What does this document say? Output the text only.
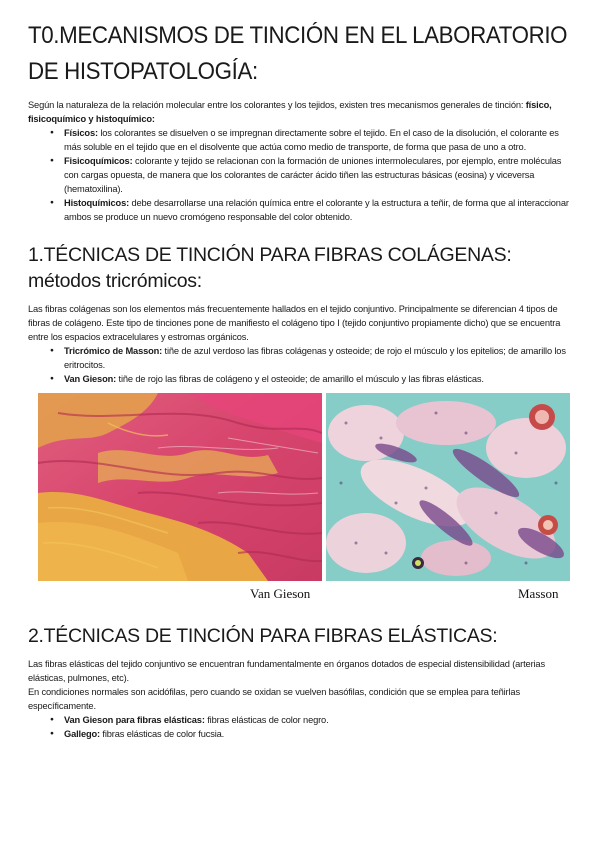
T0.MECANISMOS DE TINCIÓN EN EL LABORATORIO DE HISTOPATOLOGÍA:

Según la naturaleza de la relación molecular entre los colorantes y los tejidos, existen tres mecanismos generales de tinción: físico, fisicoquímico y histoquímico:

● Físicos: los colorantes se disuelven o se impregnan directamente sobre el tejido. En el caso de la disolución, el colorante es más soluble en el tejido que en el disolvente que actúa como medio de transporte, de forma que pasa de uno a otro.
● Fisicoquímicos: colorante y tejido se relacionan con la formación de uniones intermoleculares, por ejemplo, entre moléculas con cargas opuesta, de manera que los colorantes de carácter ácido tiñen las estructuras básicas (eosina) y viceversa (hematoxilina).
● Histoquímicos: debe desarrollarse una relación química entre el colorante y la estructura a teñir, de forma que al interaccionar ambos se produce un nuevo cromógeno responsable del color obtenido.
1.TÉCNICAS DE TINCIÓN PARA FIBRAS COLÁGENAS: métodos tricrómicos:

Las fibras colágenas son los elementos más frecuentemente hallados en el tejido conjuntivo. Principalmente se diferencian 4 tipos de fibras de colágeno. Este tipo de tinciones pone de manifiesto el colágeno tipo I (tejido conjuntivo propiamente dicho) que se encuentra entre los espacios extracelulares y estromas orgánicos.

● Tricrómico de Masson: tiñe de azul verdoso las fibras colágenas y osteoide; de rojo el músculo y los epitelios; de amarillo los eritrocitos.
● Van Gieson: tiñe de rojo las fibras de colágeno y el osteoide; de amarillo el músculo y las fibras elásticas.
Van Gieson	Masson
2.TÉCNICAS DE TINCIÓN PARA FIBRAS ELÁSTICAS:

Las fibras elásticas del tejido conjuntivo se encuentran fundamentalmente en órganos dotados de especial distensibilidad (arterias elásticas, pulmones, etc).

En condiciones normales son acidófilas, pero cuando se oxidan se vuelven basófilas, condición que se emplea para teñirlas específicamente.

● Van Gieson para fibras elásticas: fibras elásticas de color negro.
● Gallego: fibras elásticas de color fucsia.
